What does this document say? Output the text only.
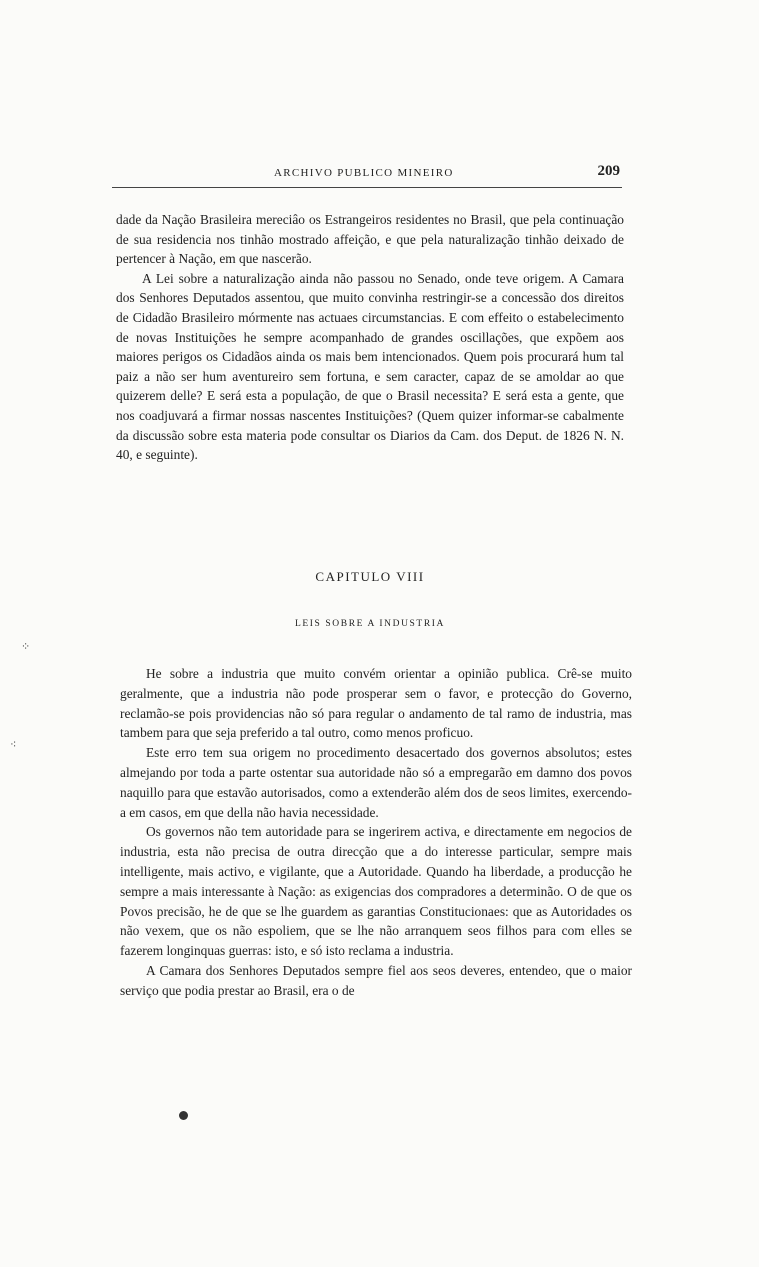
ARCHIVO PUBLICO MINEIRO	209

dade da Nação Brasileira mereciâo os Estrangeiros residentes no Brasil, que pela continuação de sua residencia nos tinhão mostrado affeição, e que pela naturalização tinhão deixado de pertencer à Nação, em que nascerão.

A Lei sobre a naturalização ainda não passou no Senado, onde teve origem. A Camara dos Senhores Deputados assentou, que muito convinha restringir-se a concessão dos direitos de Cidadão Brasileiro mórmente nas actuaes circumstancias. E com effeito o estabelecimento de novas Instituições he sempre acompanhado de grandes oscillações, que expõem aos maiores perigos os Cidadãos ainda os mais bem intencionados. Quem pois procurará hum tal paiz a não ser hum aventureiro sem fortuna, e sem caracter, capaz de se amoldar ao que quizerem delle? E será esta a população, de que o Brasil necessita? E será esta a gente, que nos coadjuvará a firmar nossas nascentes Instituições? (Quem quizer informar-se cabalmente da discussão sobre esta materia pode consultar os Diarios da Cam. dos Deput. de 1826 N. N. 40, e seguinte).

CAPITULO VIII
LEIS SOBRE A INDUSTRIA

He sobre a industria que muito convém orientar a opinião publica. Crê-se muito geralmente, que a industria não pode prosperar sem o favor, e protecção do Governo, reclamão-se pois providencias não só para regular o andamento de tal ramo de industria, mas tambem para que seja preferido a tal outro, como menos proficuo.

Este erro tem sua origem no procedimento desacertado dos governos absolutos; estes almejando por toda a parte ostentar sua autoridade não só a empregarão em damno dos povos naquillo para que estavão autorisados, como a extenderão além dos de seos limites, exercendo-a em casos, em que della não havia necessidade.

Os governos não tem autoridade para se ingerirem activa, e directamente em negocios de industria, esta não precisa de outra direcção que a do interesse particular, sempre mais intelligente, mais activo, e vigilante, que a Autoridade. Quando ha liberdade, a producção he sempre a mais interessante à Nação: as exigencias dos compradores a determinão. O de que os Povos precisão, he de que se lhe guardem as garantias Constitucionaes: que as Autoridades os não vexem, que os não espoliem, que se lhe não arranquem seos filhos para com elles se fazerem longinquas guerras: isto, e só isto reclama a industria.

A Camara dos Senhores Deputados sempre fiel aos seos deveres, entendeo, que o maior serviço que podia prestar ao Brasil, era o de

⁘
⁖
